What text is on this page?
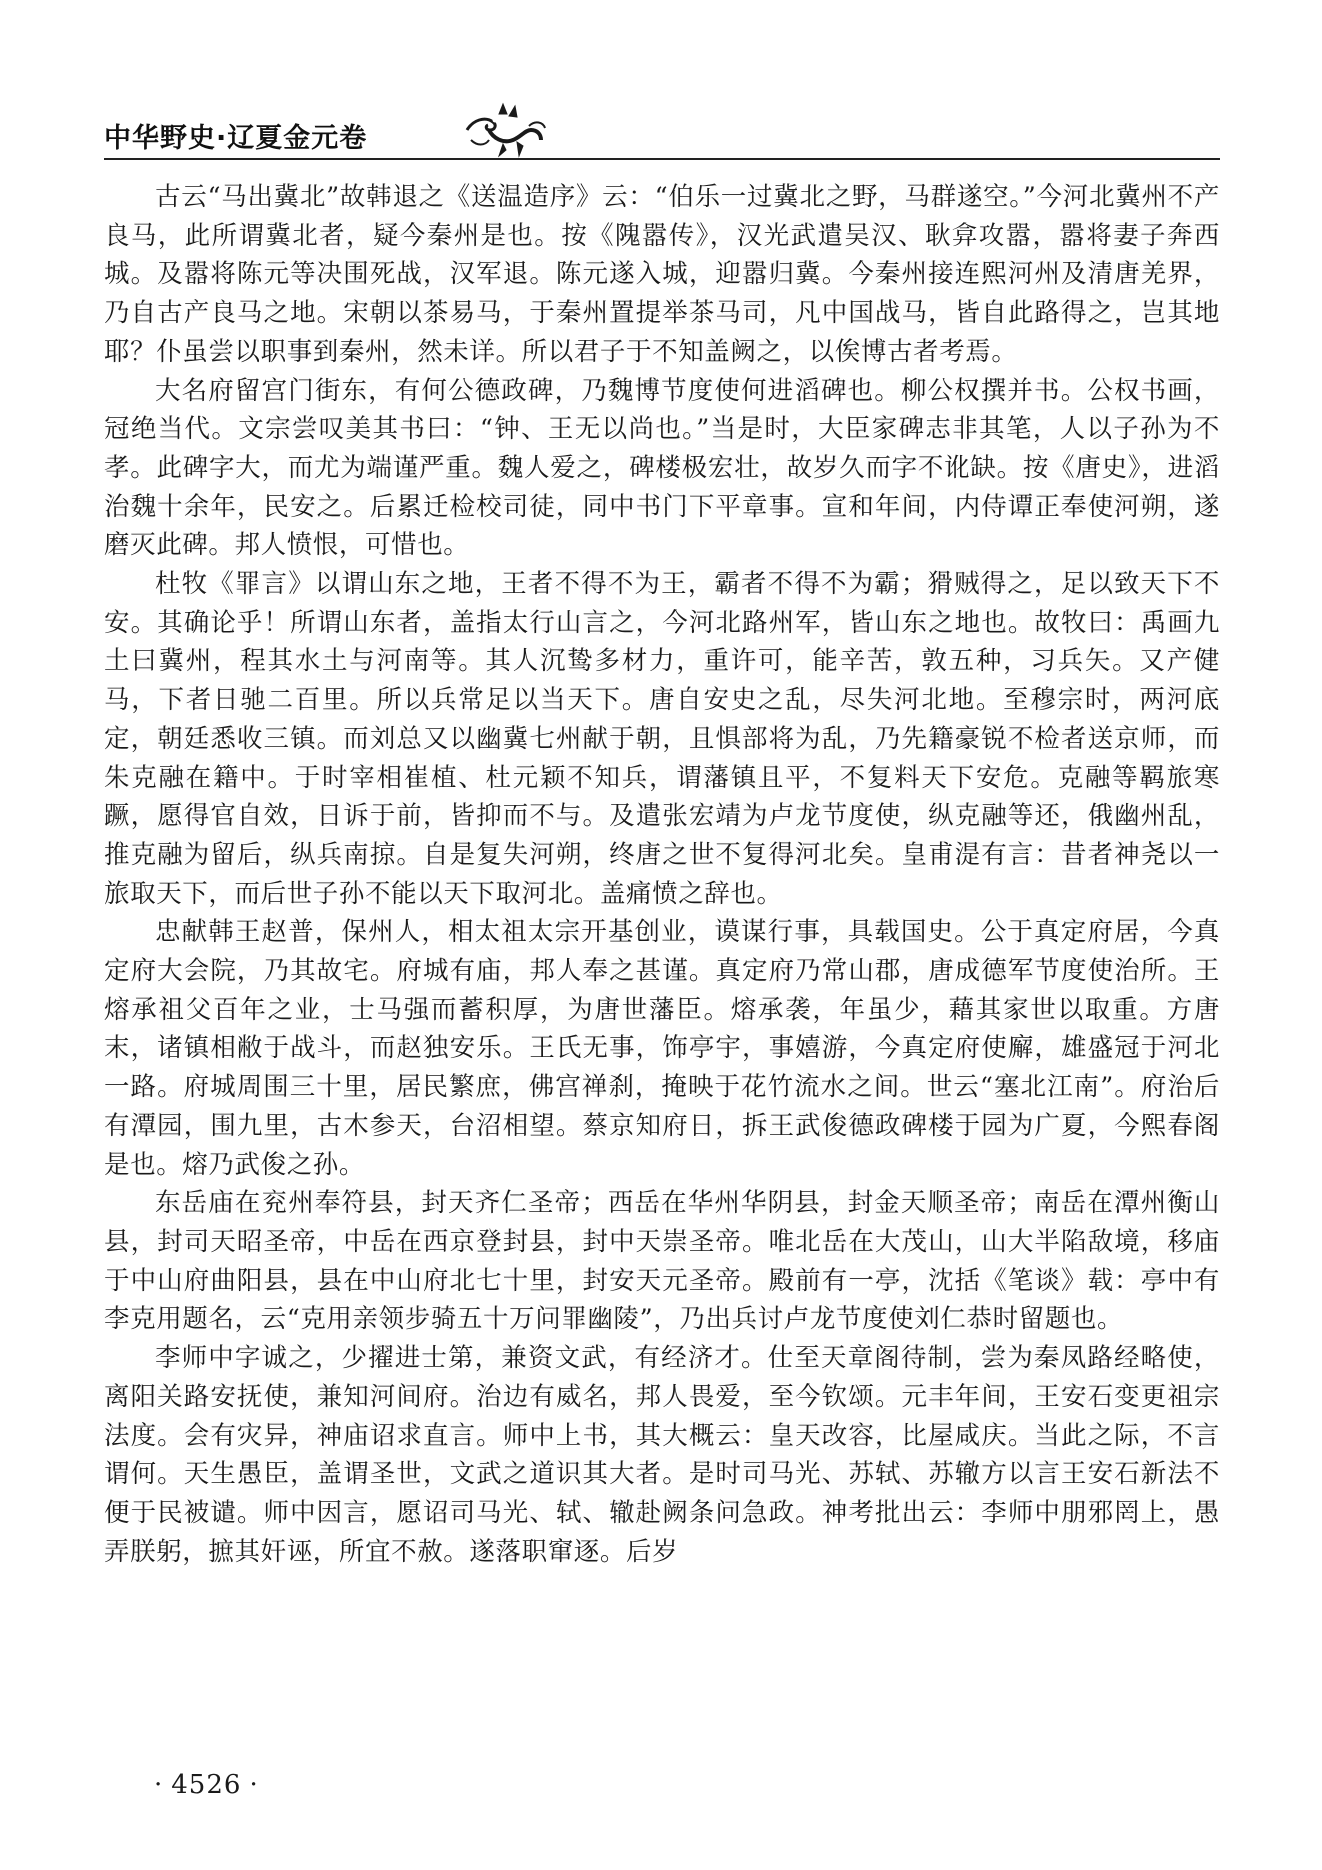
中华野史·辽夏金元卷

古云“马出冀北”故韩退之《送温造序》云：“伯乐一过冀北之野，马群遂空。”今河北冀州不产良马，此所谓冀北者，疑今秦州是也。按《隗嚣传》，汉光武遣吴汉、耿弇攻嚣，嚣将妻子奔西城。及嚣将陈元等决围死战，汉军退。陈元遂入城，迎嚣归冀。今秦州接连熙河州及清唐羌界，乃自古产良马之地。宋朝以茶易马，于秦州置提举茶马司，凡中国战马，皆自此路得之，岂其地耶？仆虽尝以职事到秦州，然未详。所以君子于不知盖阙之，以俟博古者考焉。

大名府留宫门街东，有何公德政碑，乃魏博节度使何进滔碑也。柳公权撰并书。公权书画，冠绝当代。文宗尝叹美其书曰：“钟、王无以尚也。”当是时，大臣家碑志非其笔，人以子孙为不孝。此碑字大，而尤为端谨严重。魏人爱之，碑楼极宏壮，故岁久而字不讹缺。按《唐史》，进滔治魏十余年，民安之。后累迁检校司徒，同中书门下平章事。宣和年间，内侍谭正奉使河朔，遂磨灭此碑。邦人愤恨，可惜也。

杜牧《罪言》以谓山东之地，王者不得不为王，霸者不得不为霸；猾贼得之，足以致天下不安。其确论乎！所谓山东者，盖指太行山言之，今河北路州军，皆山东之地也。故牧曰：禹画九土曰冀州，程其水土与河南等。其人沉鸷多材力，重许可，能辛苦，敦五种，习兵矢。又产健马，下者日驰二百里。所以兵常足以当天下。唐自安史之乱，尽失河北地。至穆宗时，两河底定，朝廷悉收三镇。而刘总又以幽冀七州献于朝，且惧部将为乱，乃先籍豪锐不检者送京师，而朱克融在籍中。于时宰相崔植、杜元颖不知兵，谓藩镇且平，不复料天下安危。克融等羁旅寒蹶，愿得官自效，日诉于前，皆抑而不与。及遣张宏靖为卢龙节度使，纵克融等还，俄幽州乱，推克融为留后，纵兵南掠。自是复失河朔，终唐之世不复得河北矣。皇甫湜有言：昔者神尧以一旅取天下，而后世子孙不能以天下取河北。盖痛愤之辞也。

忠献韩王赵普，保州人，相太祖太宗开基创业，谟谋行事，具载国史。公于真定府居，今真定府大会院，乃其故宅。府城有庙，邦人奉之甚谨。真定府乃常山郡，唐成德军节度使治所。王熔承祖父百年之业，士马强而蓄积厚，为唐世藩臣。熔承袭，年虽少，藉其家世以取重。方唐末，诸镇相敝于战斗，而赵独安乐。王氏无事，饰亭宇，事嬉游，今真定府使廨，雄盛冠于河北一路。府城周围三十里，居民繁庶，佛宫禅刹，掩映于花竹流水之间。世云“塞北江南”。府治后有潭园，围九里，古木参天，台沼相望。蔡京知府日，拆王武俊德政碑楼于园为广夏，今熙春阁是也。熔乃武俊之孙。

东岳庙在兖州奉符县，封天齐仁圣帝；西岳在华州华阴县，封金天顺圣帝；南岳在潭州衡山县，封司天昭圣帝，中岳在西京登封县，封中天崇圣帝。唯北岳在大茂山，山大半陷敌境，移庙于中山府曲阳县，县在中山府北七十里，封安天元圣帝。殿前有一亭，沈括《笔谈》载：亭中有李克用题名，云“克用亲领步骑五十万问罪幽陵”，乃出兵讨卢龙节度使刘仁恭时留题也。

李师中字诚之，少擢进士第，兼资文武，有经济才。仕至天章阁待制，尝为秦凤路经略使，离阳关路安抚使，兼知河间府。治边有威名，邦人畏爱，至今钦颂。元丰年间，王安石变更祖宗法度。会有灾异，神庙诏求直言。师中上书，其大概云：皇天改容，比屋咸庆。当此之际，不言谓何。天生愚臣，盖谓圣世，文武之道识其大者。是时司马光、苏轼、苏辙方以言王安石新法不便于民被谴。师中因言，愿诏司马光、轼、辙赴阙条问急政。神考批出云：李师中朋邪罔上，愚弄朕躬，摭其奸诬，所宜不赦。遂落职窜逐。后岁

· 4526 ·
